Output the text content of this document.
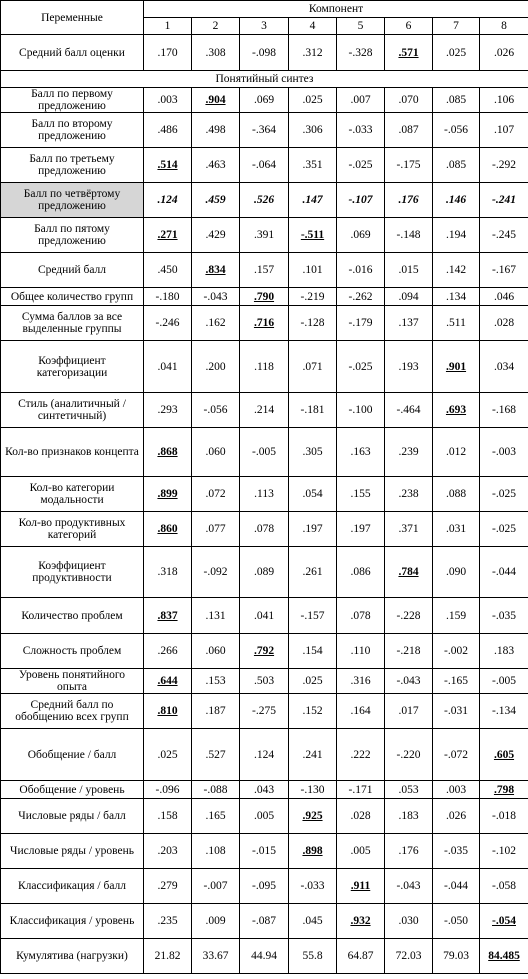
Переменные	Компонент							
	1	2	3	4	5	6	7	8
Средний балл оценки	.170	.308	-.098	.312	-.328	.571	.025	.026
Понятийный синтез								
Балл по первому предложению	.003	.904	.069	.025	.007	.070	.085	.106
Балл по второму предложению	.486	.498	-.364	.306	-.033	.087	-.056	.107
Балл по третьему предложению	.514	.463	-.064	.351	-.025	-.175	.085	-.292
Балл по четвёртому предложению	.124	.459	.526	.147	-.107	.176	.146	-.241
Балл по пятому предложению	.271	.429	.391	-.511	.069	-.148	.194	-.245
Средний балл	.450	.834	.157	.101	-.016	.015	.142	-.167
Общее количество групп	-.180	-.043	.790	-.219	-.262	.094	.134	.046
Сумма баллов за все выделенные группы	-.246	.162	.716	-.128	-.179	.137	.511	.028
Коэффициент категоризации	.041	.200	.118	.071	-.025	.193	.901	.034
Стиль (аналитичный / синтетичный)	.293	-.056	.214	-.181	-.100	-.464	.693	-.168
Кол-во признаков концепта	.868	.060	-.005	.305	.163	.239	.012	-.003
Кол-во категории модальности	.899	.072	.113	.054	.155	.238	.088	-.025
Кол-во продуктивных категорий	.860	.077	.078	.197	.197	.371	.031	-.025
Коэффициент продуктивности	.318	-.092	.089	.261	.086	.784	.090	-.044
Количество проблем	.837	.131	.041	-.157	.078	-.228	.159	-.035
Сложность проблем	.266	.060	.792	.154	.110	-.218	-.002	.183
Уровень понятийного опыта	.644	.153	.503	.025	.316	-.043	-.165	-.005
Средний балл по обобщению всех групп	.810	.187	-.275	.152	.164	.017	-.031	-.134
Обобщение / балл	.025	.527	.124	.241	.222	-.220	-.072	.605
Обобщение / уровень	-.096	-.088	.043	-.130	-.171	.053	.003	.798
Числовые ряды / балл	.158	.165	.005	.925	.028	.183	.026	-.018
Числовые ряды / уровень	.203	.108	-.015	.898	.005	.176	-.035	-.102
Классификация / балл	.279	-.007	-.095	-.033	.911	-.043	-.044	-.058
Классификация / уровень	.235	.009	-.087	.045	.932	.030	-.050	-.054
Кумулятива (нагрузки)	21.82	33.67	44.94	55.8	64.87	72.03	79.03	84.485
